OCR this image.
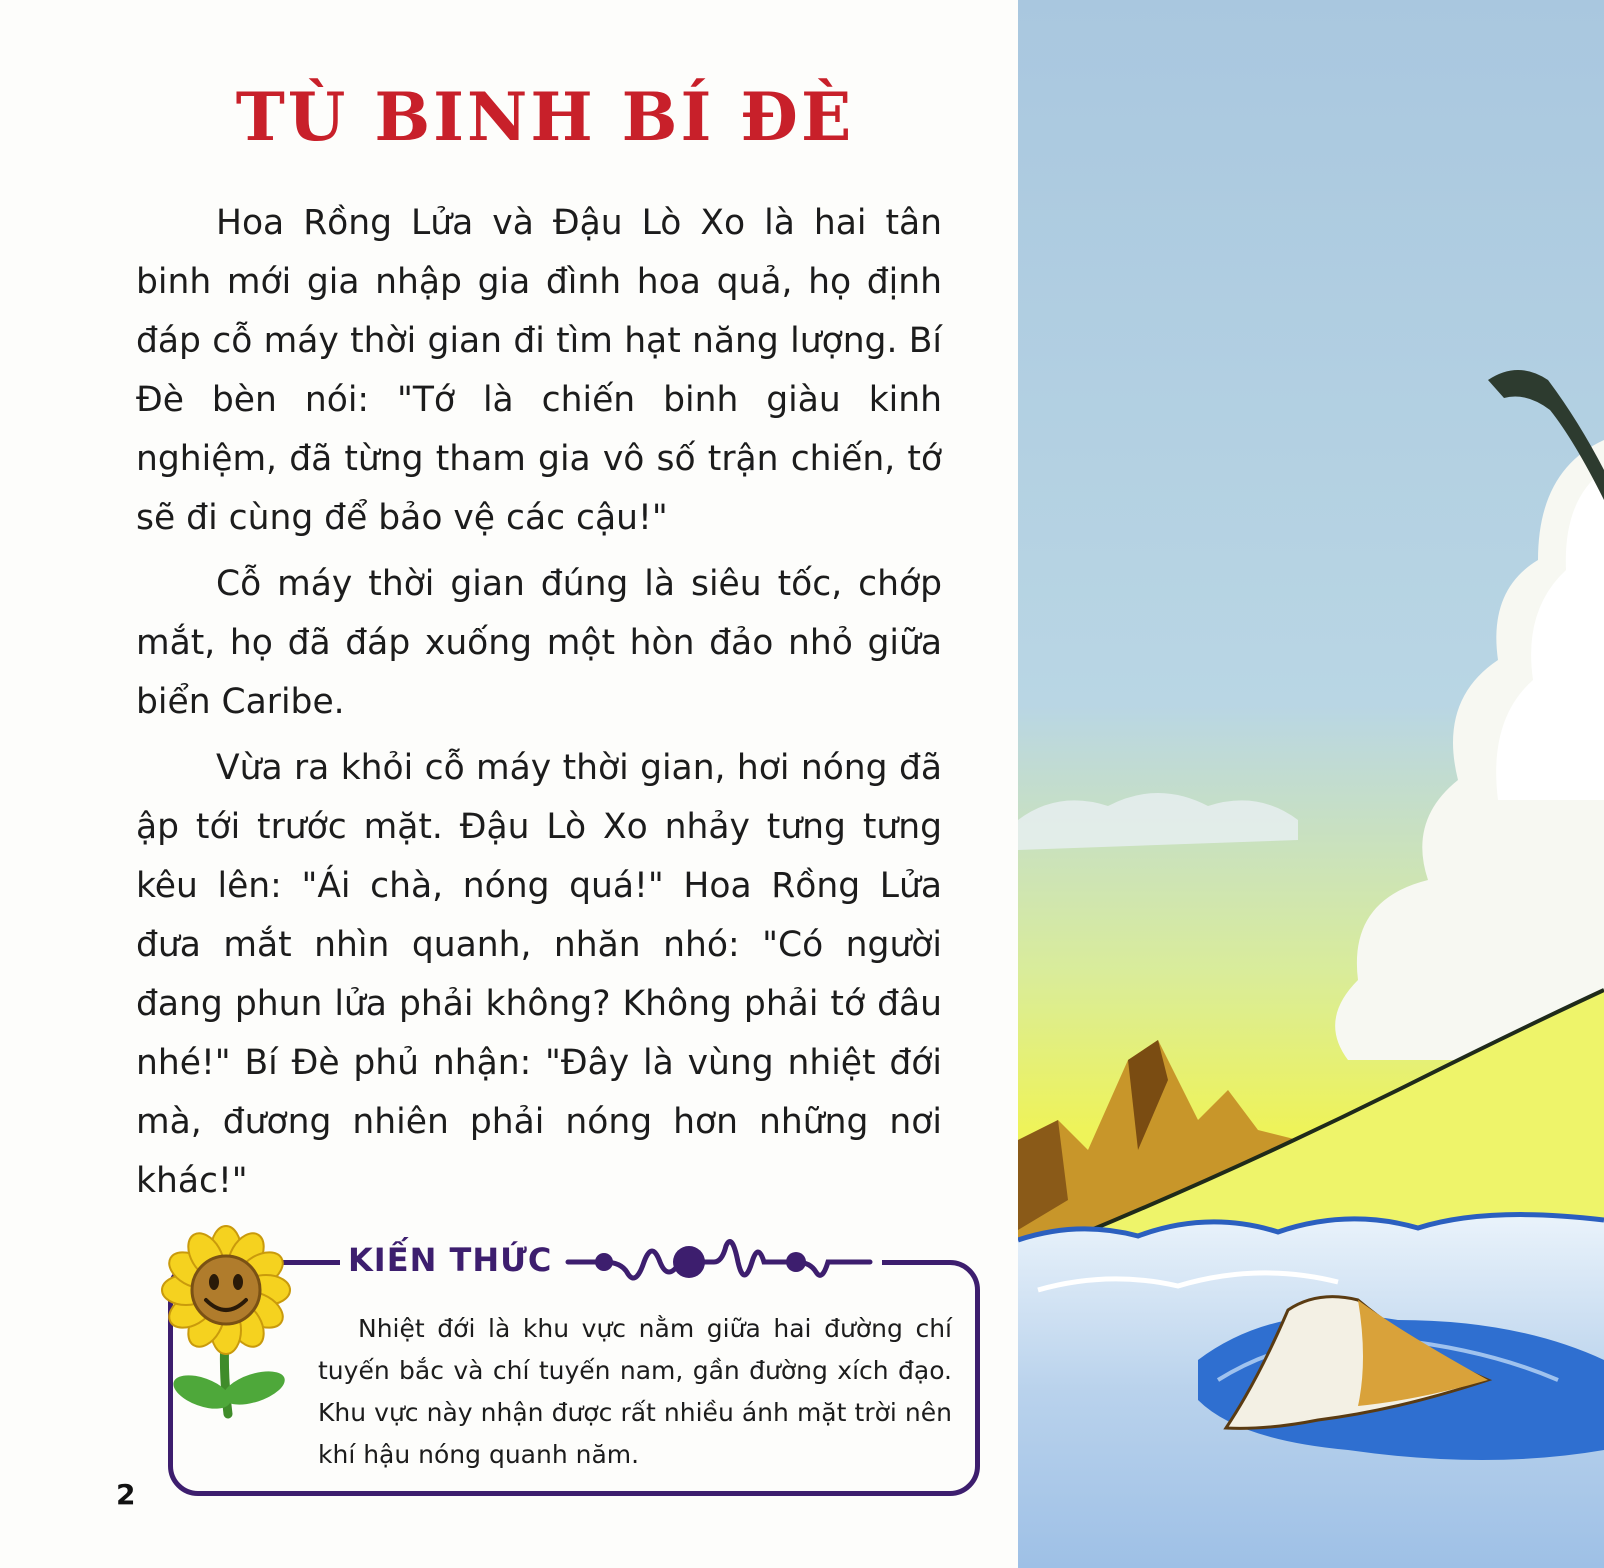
TÙ BINH BÍ ĐÈ

Hoa Rồng Lửa và Đậu Lò Xo là hai tân binh mới gia nhập gia đình hoa quả, họ định đáp cỗ máy thời gian đi tìm hạt năng lượng. Bí Đè bèn nói: "Tớ là chiến binh giàu kinh nghiệm, đã từng tham gia vô số trận chiến, tớ sẽ đi cùng để bảo vệ các cậu!"

Cỗ máy thời gian đúng là siêu tốc, chớp mắt, họ đã đáp xuống một hòn đảo nhỏ giữa biển Caribe.

Vừa ra khỏi cỗ máy thời gian, hơi nóng đã ập tới trước mặt. Đậu Lò Xo nhảy tưng tưng kêu lên: "Ái chà, nóng quá!" Hoa Rồng Lửa đưa mắt nhìn quanh, nhăn nhó: "Có người đang phun lửa phải không? Không phải tớ đâu nhé!" Bí Đè phủ nhận: "Đây là vùng nhiệt đới mà, đương nhiên phải nóng hơn những nơi khác!"

KIẾN THỨC

Nhiệt đới là khu vực nằm giữa hai đường chí tuyến bắc và chí tuyến nam, gần đường xích đạo. Khu vực này nhận được rất nhiều ánh mặt trời nên khí hậu nóng quanh năm.

2
